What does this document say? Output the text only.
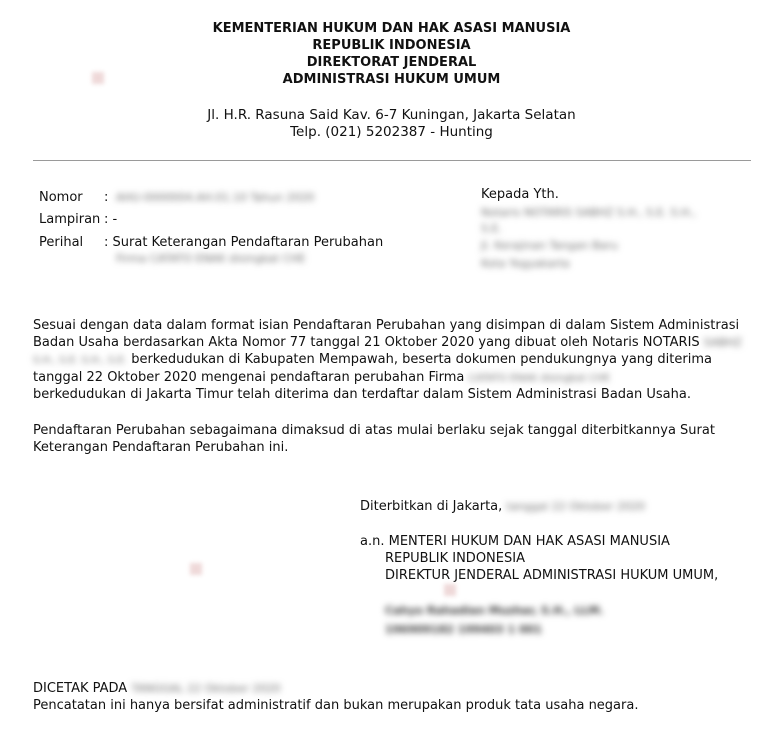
KEMENTERIAN HUKUM DAN HAK ASASI MANUSIA
REPUBLIK INDONESIA
DIREKTORAT JENDERAL
ADMINISTRASI HUKUM UMUM
Jl. H.R. Rasuna Said Kav. 6-7 Kuningan, Jakarta Selatan
Telp. (021) 5202387 - Hunting
Nomor : AHU-0000004.AH.01.10 Tahun 2020
Lampiran : -
Perihal : Surat Keterangan Pendaftaran Perubahan
Firma CATATO ENAK disingkat CHE
Kepada Yth.
Notaris NOTARIS SABHZ S.H., S.E. S.H.,
S.E.
Jl. Kerajinan Tangan Baru
Kota Yogyakarta
Sesuai dengan data dalam format isian Pendaftaran Perubahan yang disimpan di dalam Sistem Administrasi
Badan Usaha berdasarkan Akta Nomor 77 tanggal 21 Oktober 2020 yang dibuat oleh Notaris NOTARIS SABHZ
S.H., S.E. S.H., S.E. berkedudukan di Kabupaten Mempawah, beserta dokumen pendukungnya yang diterima
tanggal 22 Oktober 2020 mengenai pendaftaran perubahan Firma CATATO ENAK disingkat CHE
berkedudukan di Jakarta Timur telah diterima dan terdaftar dalam Sistem Administrasi Badan Usaha.
Pendaftaran Perubahan sebagaimana dimaksud di atas mulai berlaku sejak tanggal diterbitkannya Surat
Keterangan Pendaftaran Perubahan ini.
Diterbitkan di Jakarta, tanggal 22 Oktober 2020
a.n. MENTERI HUKUM DAN HAK ASASI MANUSIA
REPUBLIK INDONESIA
DIREKTUR JENDERAL ADMINISTRASI HUKUM UMUM,
Cahyo Rahadian Muzhar, S.H., LLM.
196909182 199403 1 001
DICETAK PADA TANGGAL 22 Oktober 2020
Pencatatan ini hanya bersifat administratif dan bukan merupakan produk tata usaha negara.
